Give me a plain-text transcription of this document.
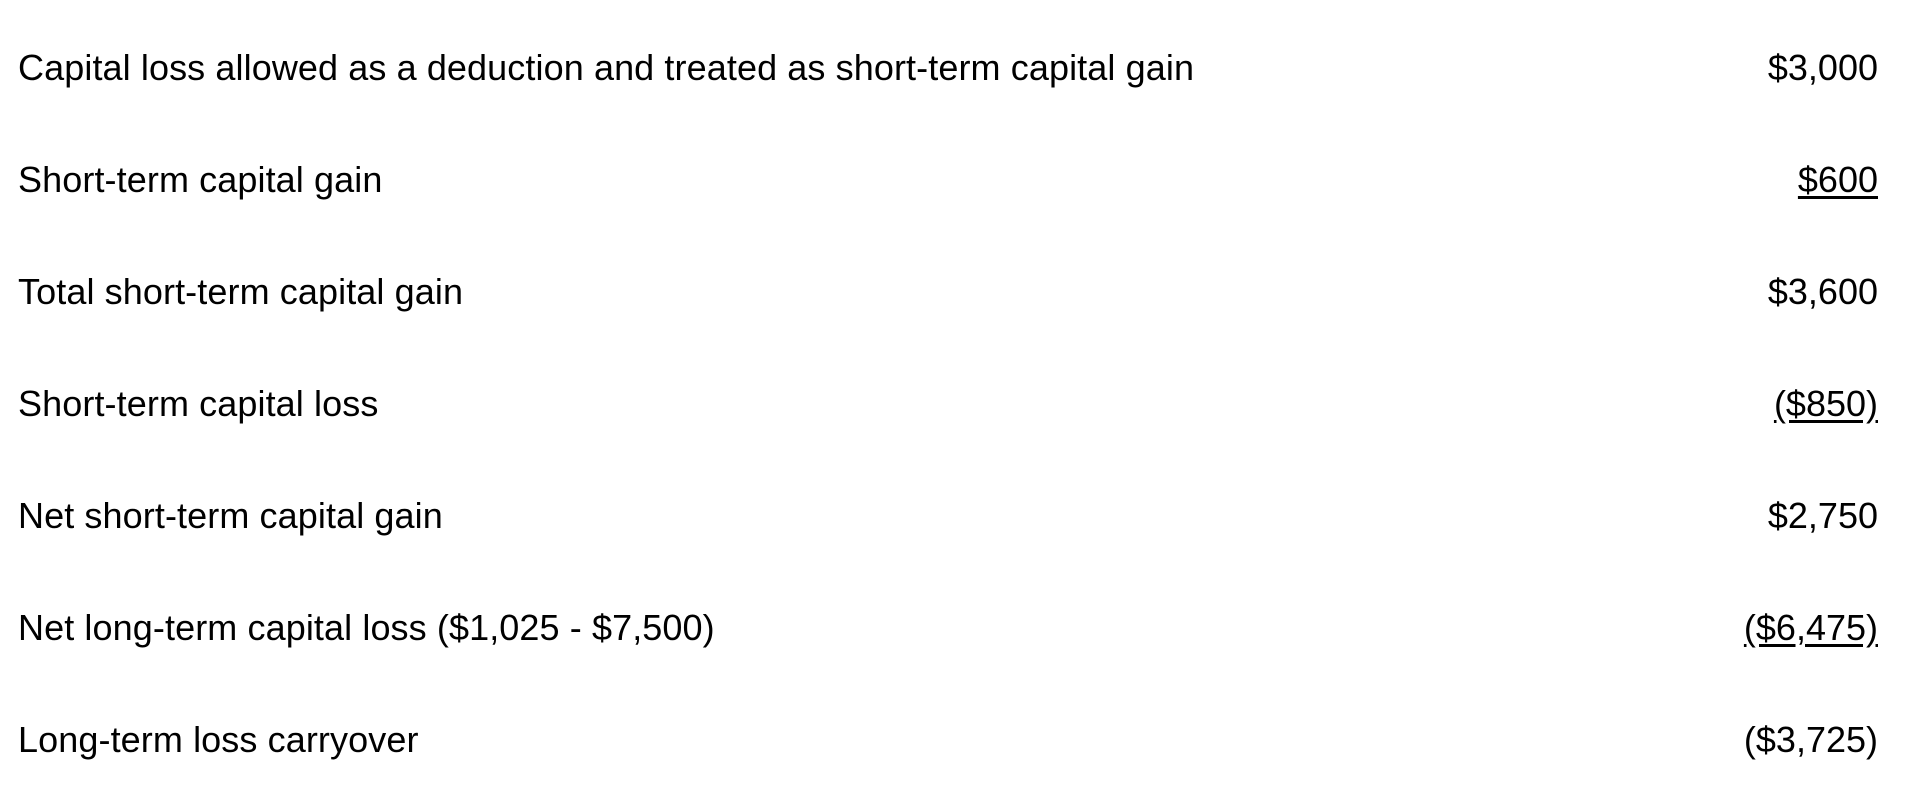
Capital loss allowed as a deduction and treated as short-term capital gain	$3,000
Short-term capital gain	$600
Total short-term capital gain	$3,600
Short-term capital loss	($850)
Net short-term capital gain	$2,750
Net long-term capital loss ($1,025 - $7,500)	($6,475)
Long-term loss carryover	($3,725)
